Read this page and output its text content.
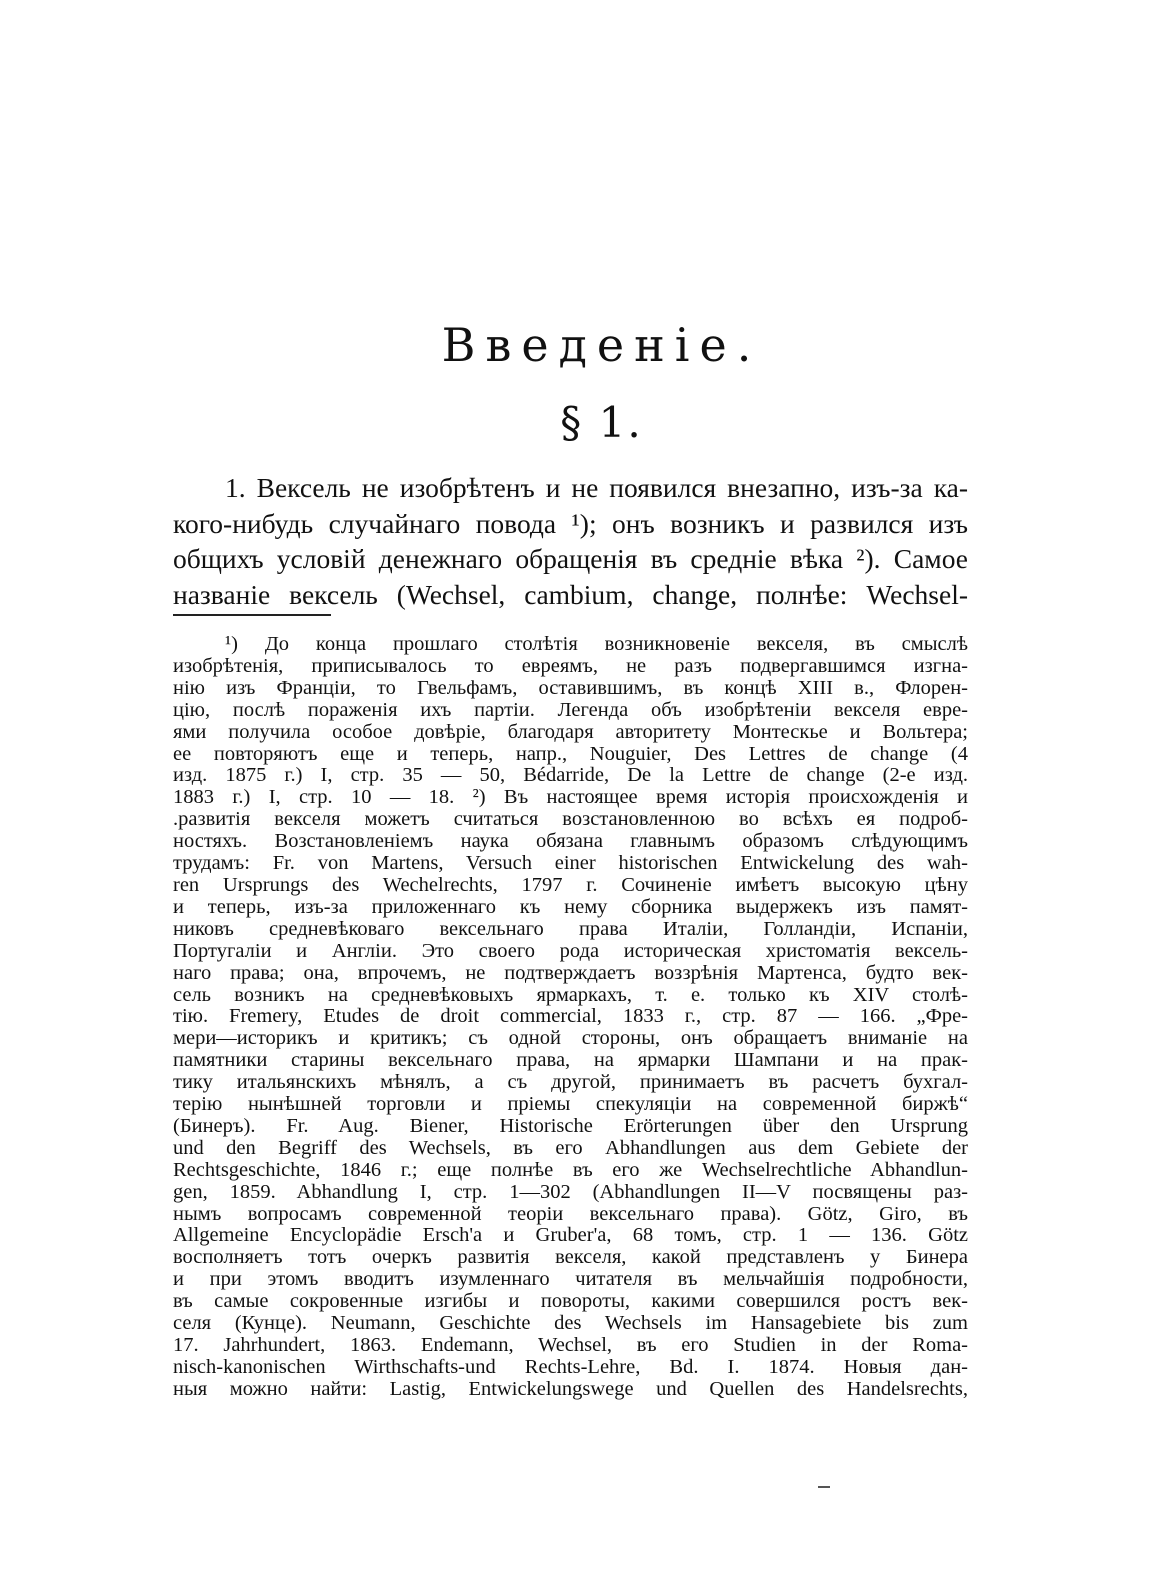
Введеніе.
§ 1.

1. Вексель не изобрѣтенъ и не появился внезапно, изъ-за ка-
кого-нибудь случайнаго повода ¹); онъ возникъ и развился изъ
общихъ условій денежнаго обращенія въ средніе вѣка ²). Самое
названіе вексель (Wechsel, cambium, change, полнѣе: Wechsel-

¹) До конца прошлаго столѣтія возникновеніе векселя, въ смыслѣ
изобрѣтенія, приписывалось то евреямъ, не разъ подвергавшимся изгна-
нію изъ Франціи, то Гвельфамъ, оставившимъ, въ концѣ XIII в., Флорен-
цію, послѣ пораженія ихъ партіи. Легенда объ изобрѣтеніи векселя евре-
ями получила особое довѣріе, благодаря авторитету Монтескье и Вольтера;
ее повторяютъ еще и теперь, напр., Nouguier, Des Lettres de change (4
изд. 1875 г.) I, стр. 35 — 50, Bédarride, De la Lettre de change (2-е изд.
1883 г.) I, стр. 10 — 18. ²) Въ настоящее время исторія происхожденія и
.развитія векселя можетъ считаться возстановленною во всѣхъ ея подроб-
ностяхъ. Возстановленіемъ наука обязана главнымъ образомъ слѣдующимъ
трудамъ: Fr. von Martens, Versuch einer historischen Entwickelung des wah-
ren Ursprungs des Wechelrechts, 1797 г. Сочиненіе имѣетъ высокую цѣну
и теперь, изъ-за приложеннаго къ нему сборника выдержекъ изъ памят-
никовъ средневѣковаго вексельнаго права Италіи, Голландіи, Испаніи,
Португаліи и Англіи. Это своего рода историческая христоматія вексель-
наго права; она, впрочемъ, не подтверждаетъ воззрѣнія Мартенса, будто век-
сель возникъ на средневѣковыхъ ярмаркахъ, т. е. только къ XIV столѣ-
тію. Fremery, Etudes de droit commercial, 1833 г., стр. 87 — 166. „Фре-
мери—историкъ и критикъ; съ одной стороны, онъ обращаетъ вниманіе на
памятники старины вексельнаго права, на ярмарки Шампани и на прак-
тику итальянскихъ мѣнялъ, а съ другой, принимаетъ въ расчетъ бухгал-
терію нынѣшней торговли и пріемы спекуляціи на современной биржѣ“
(Бинеръ). Fr. Aug. Biener, Historische Erörterungen über den Ursprung
und den Begriff des Wechsels, въ его Abhandlungen aus dem Gebiete der
Rechtsgeschichte, 1846 г.; еще полнѣе въ его же Wechselrechtliche Abhandlun-
gen, 1859. Abhandlung I, стр. 1—302 (Abhandlungen II—V посвящены раз-
нымъ вопросамъ современной теоріи вексельнаго права). Götz, Giro, въ
Allgemeine Encyclopädie Ersch'a и Gruber'a, 68 томъ, стр. 1 — 136. Götz
восполняетъ тотъ очеркъ развитія векселя, какой представленъ у Бинера
и при этомъ вводитъ изумленнаго читателя въ мельчайшія подробности,
въ самые сокровенные изгибы и повороты, какими совершился ростъ век-
селя (Кунце). Neumann, Geschichte des Wechsels im Hansagebiete bis zum
17. Jahrhundert, 1863. Endemann, Wechsel, въ его Studien in der Roma-
nisch-kanonischen Wirthschafts-und Rechts-Lehre, Bd. I. 1874. Новыя дан-
ныя можно найти: Lastig, Entwickelungswege und Quellen des Handelsrechts,
